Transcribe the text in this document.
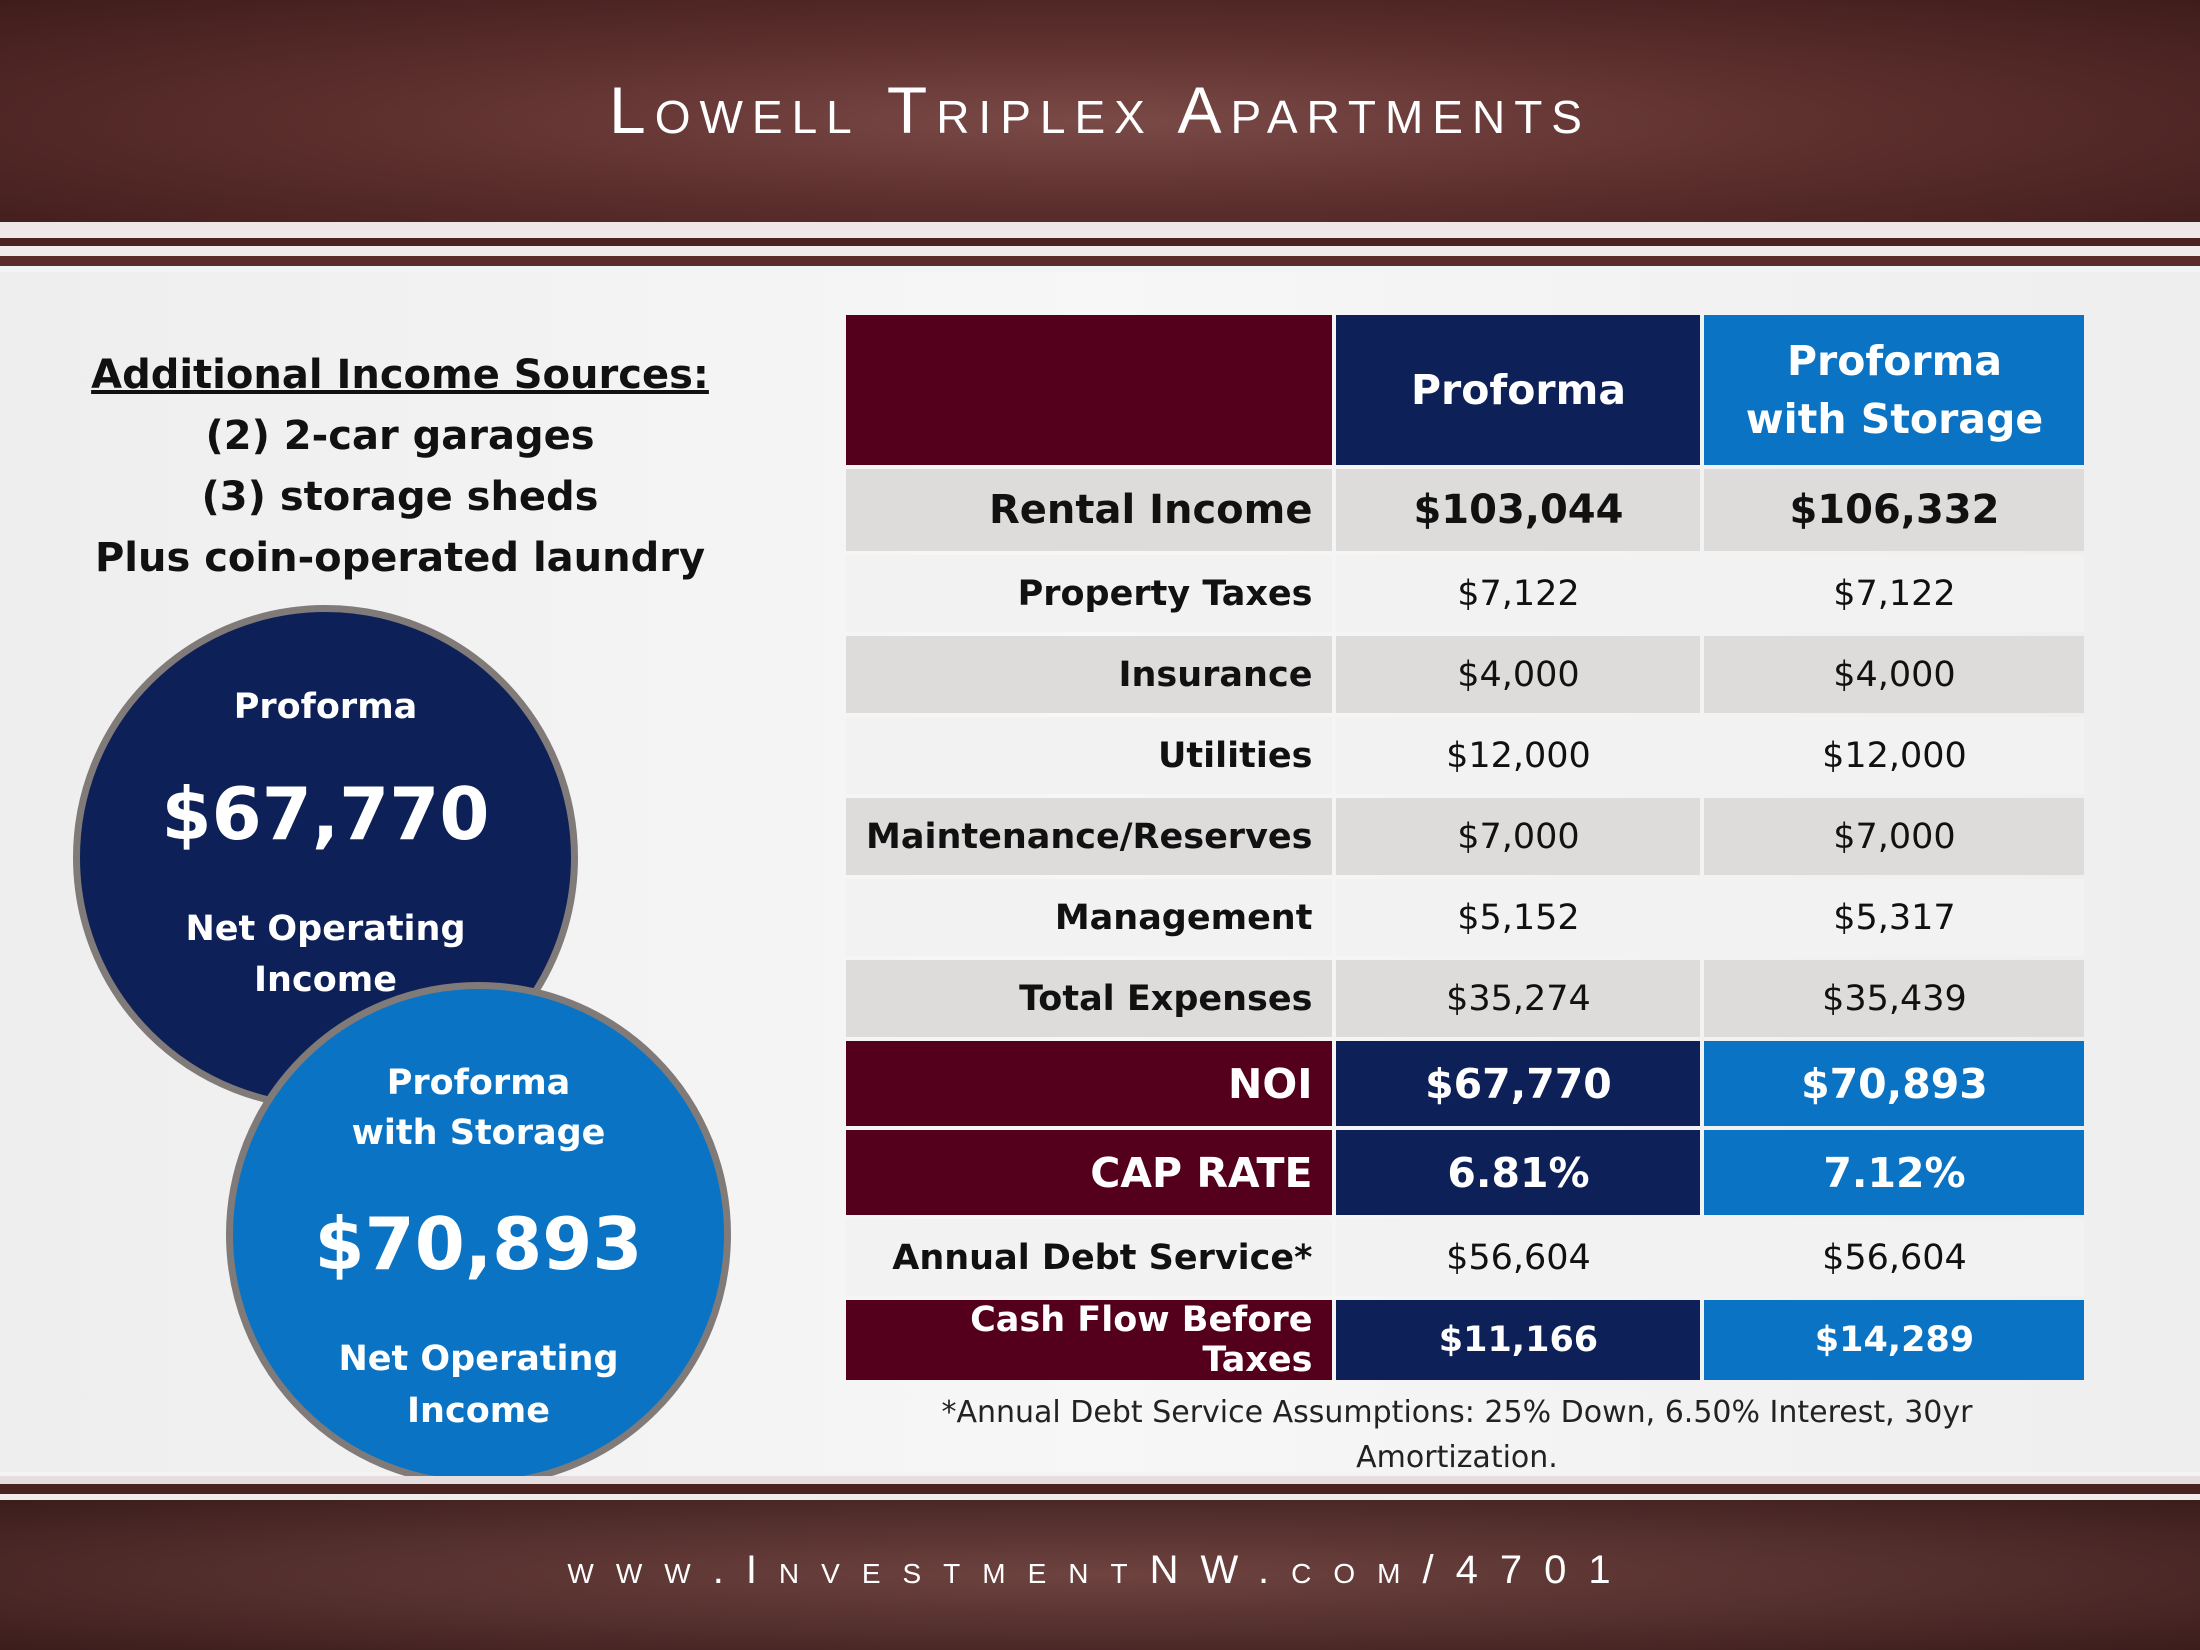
Lowell Triplex Apartments
Additional Income Sources:
(2) 2-car garages
(3) storage sheds
Plus coin-operated laundry
Proforma
$67,770
Net Operating
Income
Proforma
with Storage
$70,893
Net Operating
Income
	Proforma	Proforma
with Storage

Rental Income	$103,044	$106,332
Property Taxes	$7,122	$7,122
Insurance	$4,000	$4,000
Utilities	$12,000	$12,000
Maintenance/Reserves	$7,000	$7,000
Management	$5,152	$5,317
Total Expenses	$35,274	$35,439
NOI	$67,770	$70,893
CAP RATE	6.81%	7.12%
Annual Debt Service*	$56,604	$56,604
Cash Flow Before Taxes	$11,166	$14,289
*Annual Debt Service Assumptions: 25% Down, 6.50% Interest, 30yr Amortization.
www.InvestmentNW.com/4701
